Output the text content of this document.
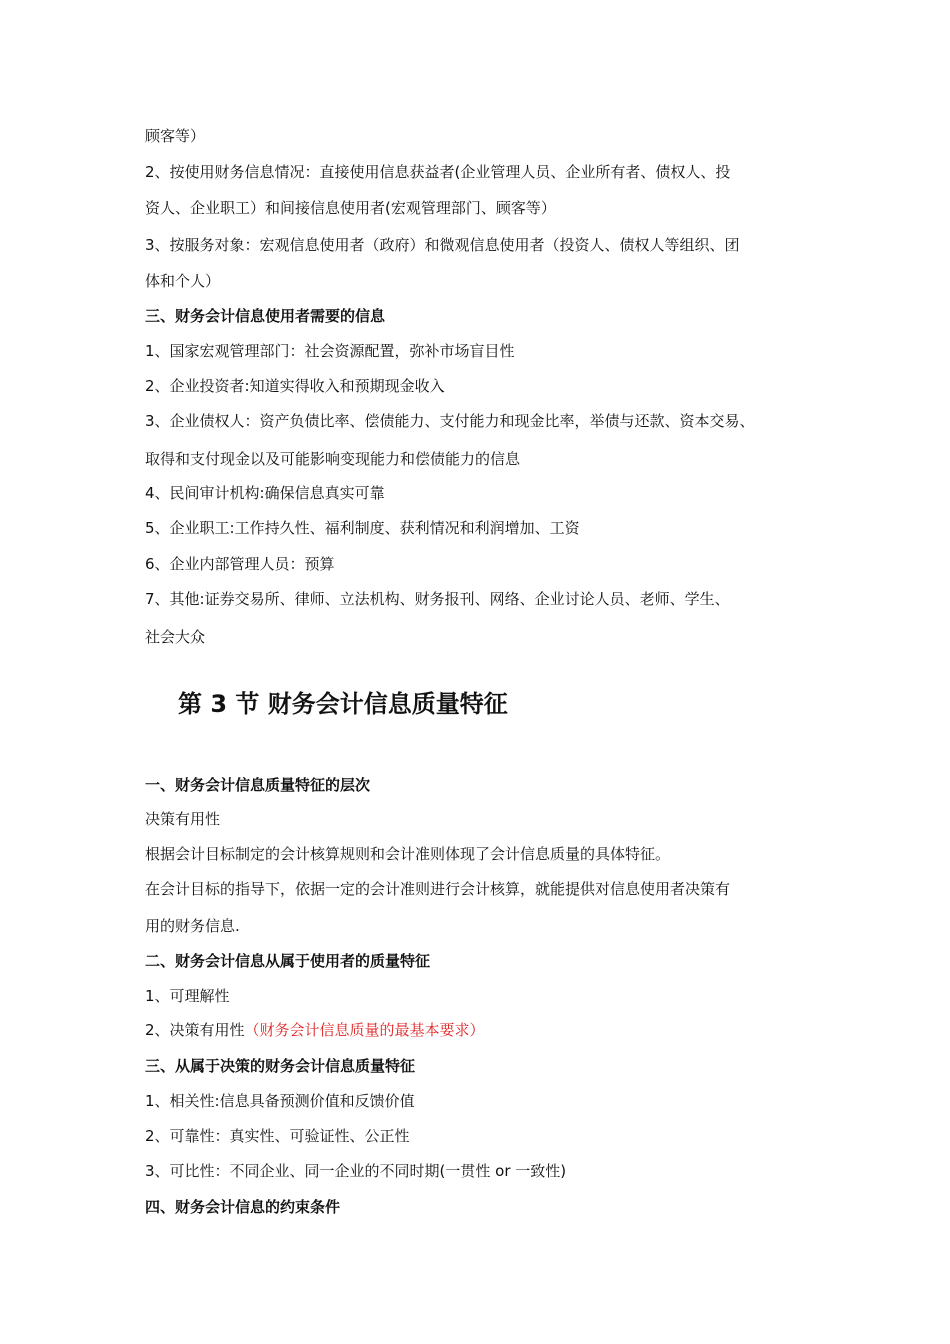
顾客等）
2、按使用财务信息情况：直接使用信息获益者(企业管理人员、企业所有者、债权人、投
资人、企业职工）和间接信息使用者(宏观管理部门、顾客等）
3、按服务对象：宏观信息使用者（政府）和微观信息使用者（投资人、债权人等组织、团
体和个人）
三、财务会计信息使用者需要的信息
1、国家宏观管理部门：社会资源配置，弥补市场盲目性
2、企业投资者:知道实得收入和预期现金收入
3、企业债权人：资产负债比率、偿债能力、支付能力和现金比率，举债与还款、资本交易、
取得和支付现金以及可能影响变现能力和偿债能力的信息
4、民间审计机构:确保信息真实可靠
5、企业职工:工作持久性、福利制度、获利情况和利润增加、工资
6、企业内部管理人员：预算
7、其他:证券交易所、律师、立法机构、财务报刊、网络、企业讨论人员、老师、学生、
社会大众
第 3 节 财务会计信息质量特征
一、财务会计信息质量特征的层次
决策有用性
根据会计目标制定的会计核算规则和会计准则体现了会计信息质量的具体特征。
在会计目标的指导下，依据一定的会计准则进行会计核算，就能提供对信息使用者决策有
用的财务信息.
二、财务会计信息从属于使用者的质量特征
1、可理解性
2、决策有用性（财务会计信息质量的最基本要求）
三、从属于决策的财务会计信息质量特征
1、相关性:信息具备预测价值和反馈价值
2、可靠性：真实性、可验证性、公正性
3、可比性：不同企业、同一企业的不同时期(一贯性 or 一致性)
四、财务会计信息的约束条件
